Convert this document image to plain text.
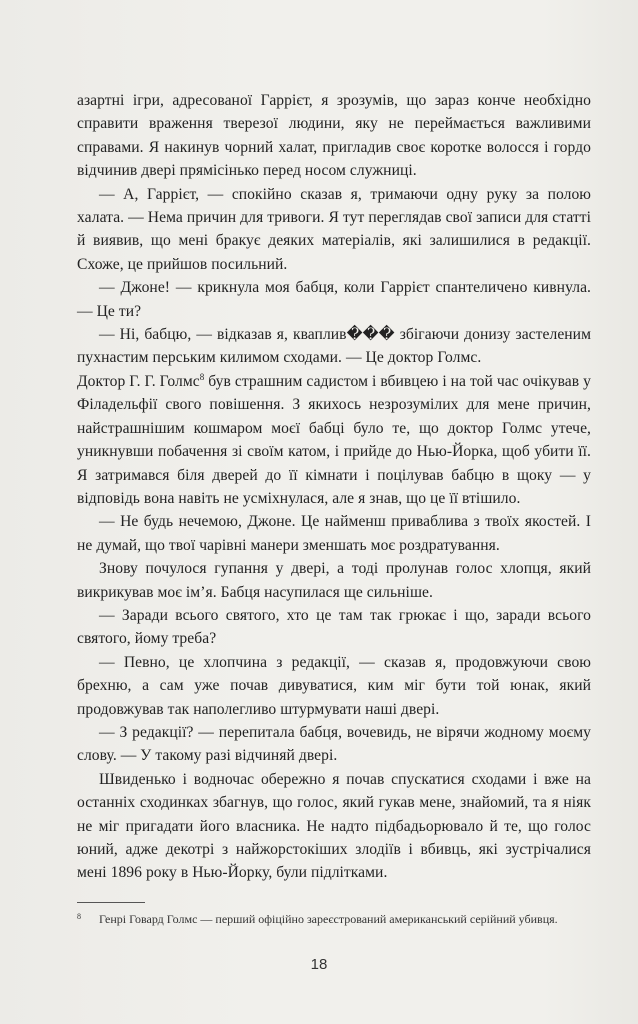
азартні ігри, адресованої Гаррієт, я зрозумів, що зараз конче необхідно справити враження тверезої людини, яку не переймається важливими справами. Я накинув чорний халат, пригладив своє коротке волосся і гордо відчинив двері прямісінько перед носом служниці.

— А, Гаррієт, — спокійно сказав я, тримаючи одну руку за полою халата. — Нема причин для тривоги. Я тут переглядав свої записи для статті й виявив, що мені бракує деяких матеріалів, які залишилися в редакції. Схоже, це прийшов посильний.

— Джоне! — крикнула моя бабця, коли Гаррієт спантеличено кивнула. — Це ти?

— Ні, бабцю, — відказав я, кваплив��� збігаючи донизу застеленим пухнастим перським килимом сходами. — Це доктор Голмс.

Доктор Г. Г. Голмс$^8$ був страшним садистом і вбивцею і на той час очікував у Філадельфії свого повішення. З якихось незрозумілих для мене причин, найстрашнішим кошмаром моєї бабці було те, що доктор Голмс утече, уникнувши побачення зі своїм катом, і прийде до Нью-Йорка, щоб убити її. Я затримався біля дверей до її кімнати і поцілував бабцю в щоку — у відповідь вона навіть не усміхнулася, але я знав, що це її втішило.

— Не будь нечемою, Джоне. Це найменш приваблива з твоїх якостей. І не думай, що твої чарівні манери зменшать моє роздратування.

Знову почулося гупання у двері, а тоді пролунав голос хлопця, який викрикував моє ім’я. Бабця насупилася ще сильніше.

— Заради всього святого, хто це там так грюкає і що, заради всього святого, йому треба?

— Певно, це хлопчина з редакції, — сказав я, продовжуючи свою брехню, а сам уже почав дивуватися, ким міг бути той юнак, який продовжував так наполегливо штурмувати наші двері.

— З редакції? — перепитала бабця, вочевидь, не вірячи жодному моєму слову. — У такому разі відчиняй двері.

Швиденько і водночас обережно я почав спускатися сходами і вже на останніх сходинках збагнув, що голос, який гукав мене, знайомий, та я ніяк не міг пригадати його власника. Не надто підбадьорювало й те, що голос юний, адже декотрі з найжорстокіших злодіїв і вбивць, які зустрічалися мені 1896 року в Нью-Йорку, були підлітками.

8	Генрі Говард Голмс — перший офіційно зареєстрований американський серійний убивця.
18
